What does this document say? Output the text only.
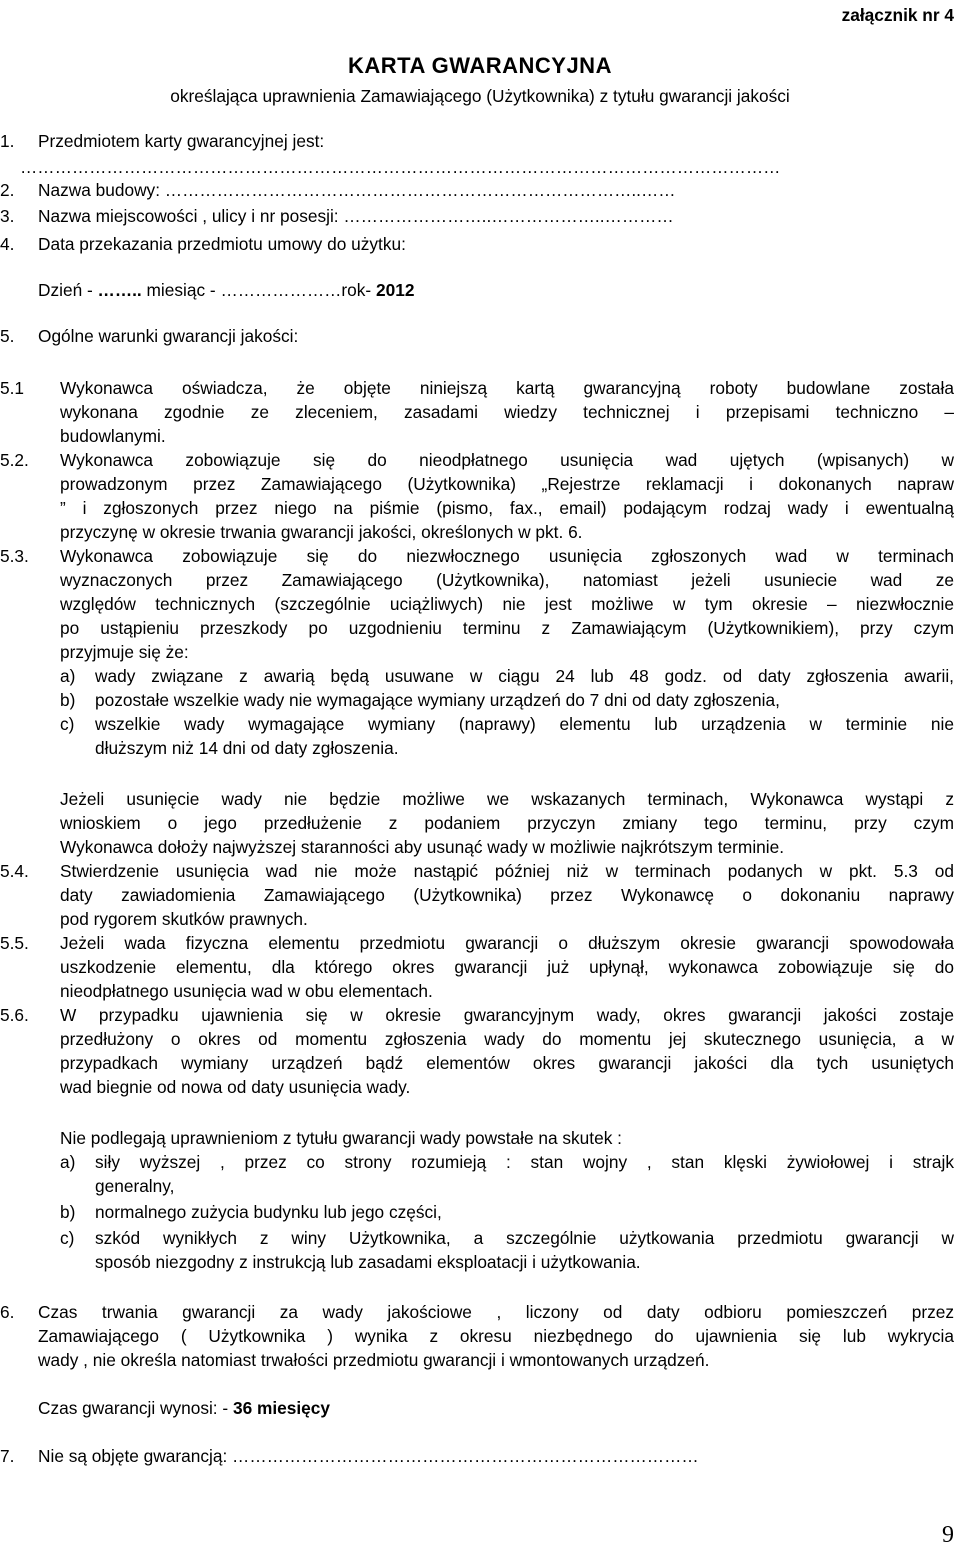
załącznik nr 4
KARTA GWARANCYJNA
określająca uprawnienia Zamawiającego (Użytkownika) z tytułu gwarancji jakości
1. Przedmiotem karty gwarancyjnej jest:
……………………………………………………………………………………………………………………
2. Nazwa budowy: ………………………………………………………………………..……
3. Nazwa miejscowości , ulicy i nr posesji: ……………………..………………..…………
4. Data przekazania przedmiotu umowy do użytku:
Dzień - …….. miesiąc - …………………rok- 2012
5. Ogólne warunki gwarancji jakości:
5.1 Wykonawca oświadcza, że objęte niniejszą kartą gwarancyjną roboty budowlane została
wykonana zgodnie ze zleceniem, zasadami wiedzy technicznej i przepisami techniczno –
budowlanymi.
5.2. Wykonawca zobowiązuje się do nieodpłatnego usunięcia wad ujętych (wpisanych) w
prowadzonym przez Zamawiającego (Użytkownika) „Rejestrze reklamacji i dokonanych napraw
” i zgłoszonych przez niego na piśmie (pismo, fax., email) podającym rodzaj wady i ewentualną
przyczynę w okresie trwania gwarancji jakości, określonych w pkt. 6.
5.3. Wykonawca zobowiązuje się do niezwłocznego usunięcia zgłoszonych wad w terminach
wyznaczonych przez Zamawiającego (Użytkownika), natomiast jeżeli usuniecie wad ze
względów technicznych (szczególnie uciążliwych) nie jest możliwe w tym okresie – niezwłocznie
po ustąpieniu przeszkody po uzgodnieniu terminu z Zamawiającym (Użytkownikiem), przy czym
przyjmuje się że:
a) wady związane z awarią będą usuwane w ciągu 24 lub 48 godz. od daty zgłoszenia awarii,
b) pozostałe wszelkie wady nie wymagające wymiany urządzeń do 7 dni od daty zgłoszenia,
c) wszelkie wady wymagające wymiany (naprawy) elementu lub urządzenia w terminie nie
dłuższym niż 14 dni od daty zgłoszenia.
Jeżeli usunięcie wady nie będzie możliwe we wskazanych terminach, Wykonawca wystąpi z
wnioskiem o jego przedłużenie z podaniem przyczyn zmiany tego terminu, przy czym
Wykonawca dołoży najwyższej staranności aby usunąć wady w możliwie najkrótszym terminie.
5.4. Stwierdzenie usunięcia wad nie może nastąpić później niż w terminach podanych w pkt. 5.3 od
daty zawiadomienia Zamawiającego (Użytkownika) przez Wykonawcę o dokonaniu naprawy
pod rygorem skutków prawnych.
5.5. Jeżeli wada fizyczna elementu przedmiotu gwarancji o dłuższym okresie gwarancji spowodowała
uszkodzenie elementu, dla którego okres gwarancji już upłynął, wykonawca zobowiązuje się do
nieodpłatnego usunięcia wad w obu elementach.
5.6. W przypadku ujawnienia się w okresie gwarancyjnym wady, okres gwarancji jakości zostaje
przedłużony o okres od momentu zgłoszenia wady do momentu jej skutecznego usunięcia, a w
przypadkach wymiany urządzeń bądź elementów okres gwarancji jakości dla tych usuniętych
wad biegnie od nowa od daty usunięcia wady.
Nie podlegają uprawnieniom z tytułu gwarancji wady powstałe na skutek :
a) siły wyższej , przez co strony rozumieją : stan wojny , stan klęski żywiołowej i strajk
generalny,
b) normalnego zużycia budynku lub jego części,
c) szkód wynikłych z winy Użytkownika, a szczególnie użytkowania przedmiotu gwarancji w
sposób niezgodny z instrukcją lub zasadami eksploatacji i użytkowania.
6. Czas trwania gwarancji za wady jakościowe , liczony od daty odbioru pomieszczeń przez
Zamawiającego ( Użytkownika ) wynika z okresu niezbędnego do ujawnienia się lub wykrycia
wady , nie określa natomiast trwałości przedmiotu gwarancji i wmontowanych urządzeń.
Czas gwarancji wynosi: - 36 miesięcy
7. Nie są objęte gwarancją: ………………………………………………………………………
9
